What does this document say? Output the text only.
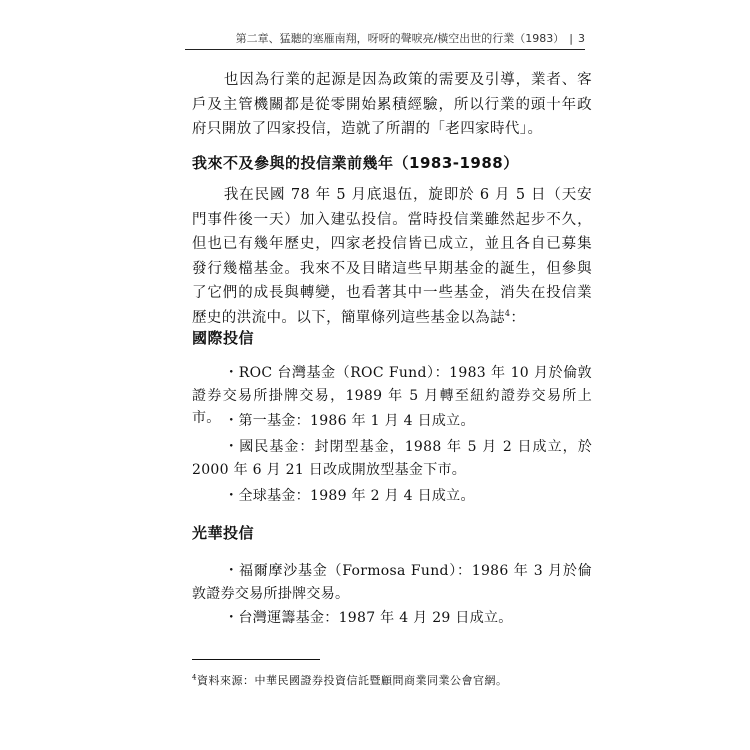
第二章、猛聽的塞雁南翔，呀呀的聲唳亮/橫空出世的行業（1983） | 3
也因為行業的起源是因為政策的需要及引導，業者、客戶及主管機關都是從零開始累積經驗，所以行業的頭十年政府只開放了四家投信，造就了所謂的「老四家時代」。
我來不及參與的投信業前幾年（1983-1988）
我在民國 78 年 5 月底退伍，旋即於 6 月 5 日（天安門事件後一天）加入建弘投信。當時投信業雖然起步不久，但也已有幾年歷史，四家老投信皆已成立，並且各自已募集發行幾檔基金。我來不及目睹這些早期基金的誕生，但參與了它們的成長與轉變，也看著其中一些基金，消失在投信業歷史的洪流中。以下，簡單條列這些基金以為誌$^4$：
國際投信
・ROC 台灣基金（ROC Fund）：1983 年 10 月於倫敦證券交易所掛牌交易，1989 年 5 月轉至紐約證券交易所上市。 ・第一基金：1986 年 1 月 4 日成立。
・國民基金：封閉型基金，1988 年 5 月 2 日成立，於 2000 年 6 月 21 日改成開放型基金下市。
・全球基金：1989 年 2 月 4 日成立。
光華投信
・福爾摩沙基金（Formosa Fund）：1986 年 3 月於倫敦證券交易所掛牌交易。
・台灣運籌基金：1987 年 4 月 29 日成立。
$^4$資料來源：中華民國證券投資信託暨顧問商業同業公會官網。
